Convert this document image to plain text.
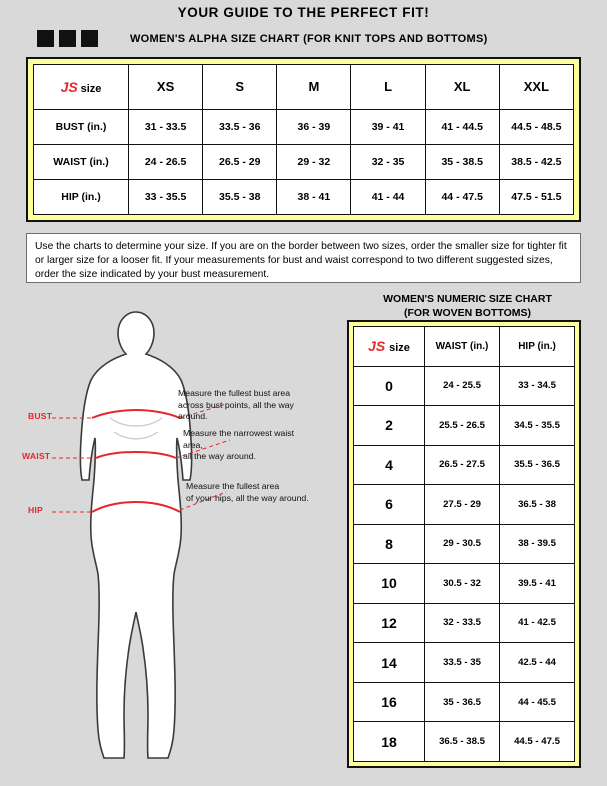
YOUR GUIDE TO THE PERFECT FIT!
WOMEN'S ALPHA SIZE CHART (FOR KNIT TOPS AND BOTTOMS)
JS size	XS	S	M	L	XL	XXL
BUST (in.)	31 - 33.5	33.5 - 36	36 - 39	39 - 41	41 - 44.5	44.5 - 48.5
WAIST (in.)	24 - 26.5	26.5 - 29	29 - 32	32 - 35	35 - 38.5	38.5 - 42.5
HIP (in.)	33 - 35.5	35.5 - 38	38 - 41	41 - 44	44 - 47.5	47.5 - 51.5
Use the charts to determine your size. If you are on the border between two sizes, order the smaller size for tighter fit or larger size for a looser fit. If your measurements for bust and waist correspond to two different suggested sizes, order the size indicated by your bust measurement.
WOMEN'S NUMERIC SIZE CHART
(FOR WOVEN BOTTOMS)
JS size	WAIST (in.)	HIP (in.)
0	24 - 25.5	33 - 34.5
2	25.5 - 26.5	34.5 - 35.5
4	26.5 - 27.5	35.5 - 36.5
6	27.5 - 29	36.5 - 38
8	29 - 30.5	38 - 39.5
10	30.5 - 32	39.5 - 41
12	32 - 33.5	41 - 42.5
14	33.5 - 35	42.5 - 44
16	35 - 36.5	44 - 45.5
18	36.5 - 38.5	44.5 - 47.5
BUST
WAIST
HIP
Measure the fullest bust area
across bust points, all the way around.
Measure the narrowest waist area,
all the way around.
Measure the fullest area
of your hips, all the way around.
